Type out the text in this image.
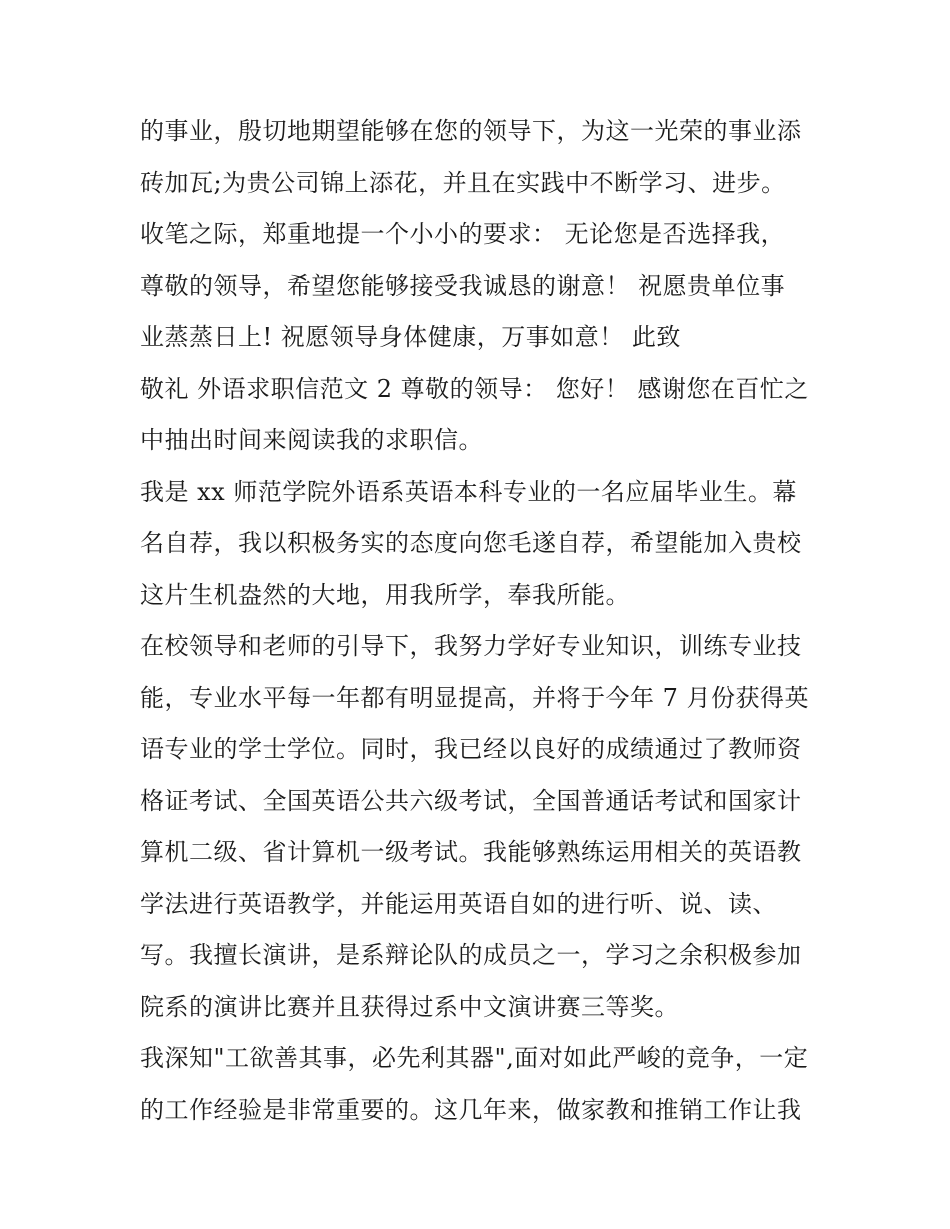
的事业，殷切地期望能够在您的领导下，为这一光荣的事业添
砖加瓦;为贵公司锦上添花，并且在实践中不断学习、进步。
收笔之际，郑重地提一个小小的要求： 无论您是否选择我，
尊敬的领导，希望您能够接受我诚恳的谢意！ 祝愿贵单位事
业蒸蒸日上! 祝愿领导身体健康，万事如意！ 此致
敬礼 外语求职信范文 2 尊敬的领导： 您好！ 感谢您在百忙之
中抽出时间来阅读我的求职信。
我是 xx 师范学院外语系英语本科专业的一名应届毕业生。幕
名自荐，我以积极务实的态度向您毛遂自荐，希望能加入贵校
这片生机盎然的大地，用我所学，奉我所能。
在校领导和老师的引导下，我努力学好专业知识，训练专业技
能，专业水平每一年都有明显提高，并将于今年 7 月份获得英
语专业的学士学位。同时，我已经以良好的成绩通过了教师资
格证考试、全国英语公共六级考试，全国普通话考试和国家计
算机二级、省计算机一级考试。我能够熟练运用相关的英语教
学法进行英语教学，并能运用英语自如的进行听、说、读、
写。我擅长演讲，是系辩论队的成员之一，学习之余积极参加
院系的演讲比赛并且获得过系中文演讲赛三等奖。
我深知"工欲善其事，必先利其器",面对如此严峻的竞争，一定
的工作经验是非常重要的。这几年来，做家教和推销工作让我
